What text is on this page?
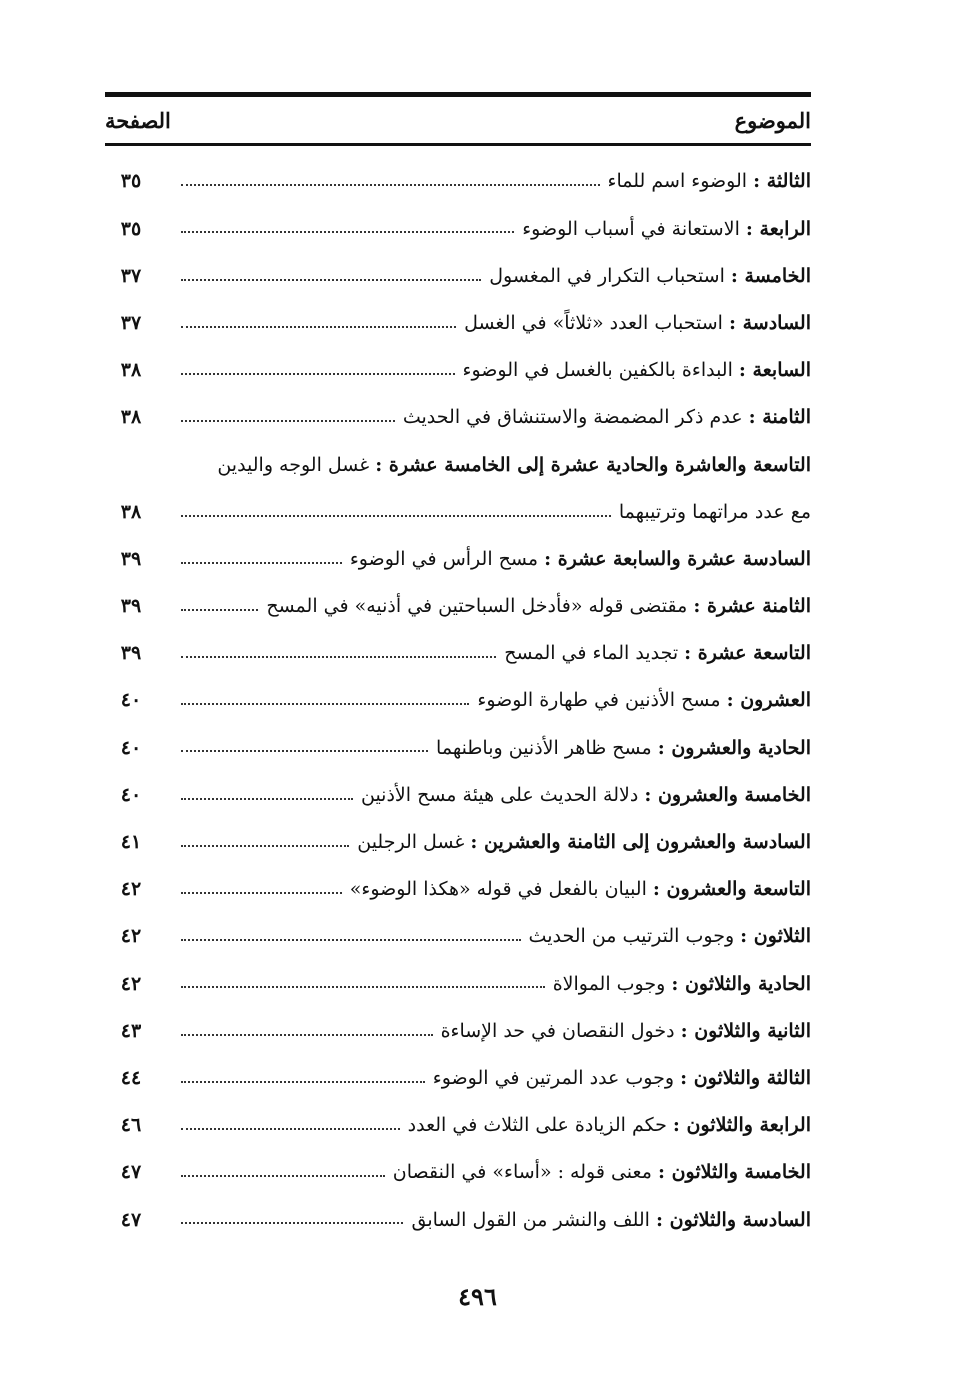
الموضوع
الصفحة
الثالثة : الوضوء اسم للماء
٣٥
الرابعة : الاستعانة في أسباب الوضوء
٣٥
الخامسة : استحباب التكرار في المغسول
٣٧
السادسة : استحباب العدد «ثلاثاً» في الغسل
٣٧
السابعة : البداءة بالكفين بالغسل في الوضوء
٣٨
الثامنة : عدم ذكر المضمضة والاستنشاق في الحديث
٣٨
التاسعة والعاشرة والحادية عشرة إلى الخامسة عشرة : غسل الوجه واليدين
مع عدد مراتهما وترتيبهما
٣٨
السادسة عشرة والسابعة عشرة : مسح الرأس في الوضوء
٣٩
الثامنة عشرة : مقتضى قوله «فأدخل السباحتين في أذنيه» في المسح
٣٩
التاسعة عشرة : تجديد الماء في المسح
٣٩
العشرون : مسح الأذنين في طهارة الوضوء
٤٠
الحادية والعشرون : مسح ظاهر الأذنين وباطنهما
٤٠
الخامسة والعشرون : دلالة الحديث على هيئة مسح الأذنين
٤٠
السادسة والعشرون إلى الثامنة والعشرين : غسل الرجلين
٤١
التاسعة والعشرون : البيان بالفعل في قوله «هكذا الوضوء»
٤٢
الثلاثون : وجوب الترتيب من الحديث
٤٢
الحادية والثلاثون : وجوب الموالاة
٤٢
الثانية والثلاثون : دخول النقصان في حد الإساءة
٤٣
الثالثة والثلاثون : وجوب عدد المرتين في الوضوء
٤٤
الرابعة والثلاثون : حكم الزيادة على الثلاث في العدد
٤٦
الخامسة والثلاثون : معنى قوله : «أساء» في النقصان
٤٧
السادسة والثلاثون : اللف والنشر من القول السابق
٤٧
٤٩٦
